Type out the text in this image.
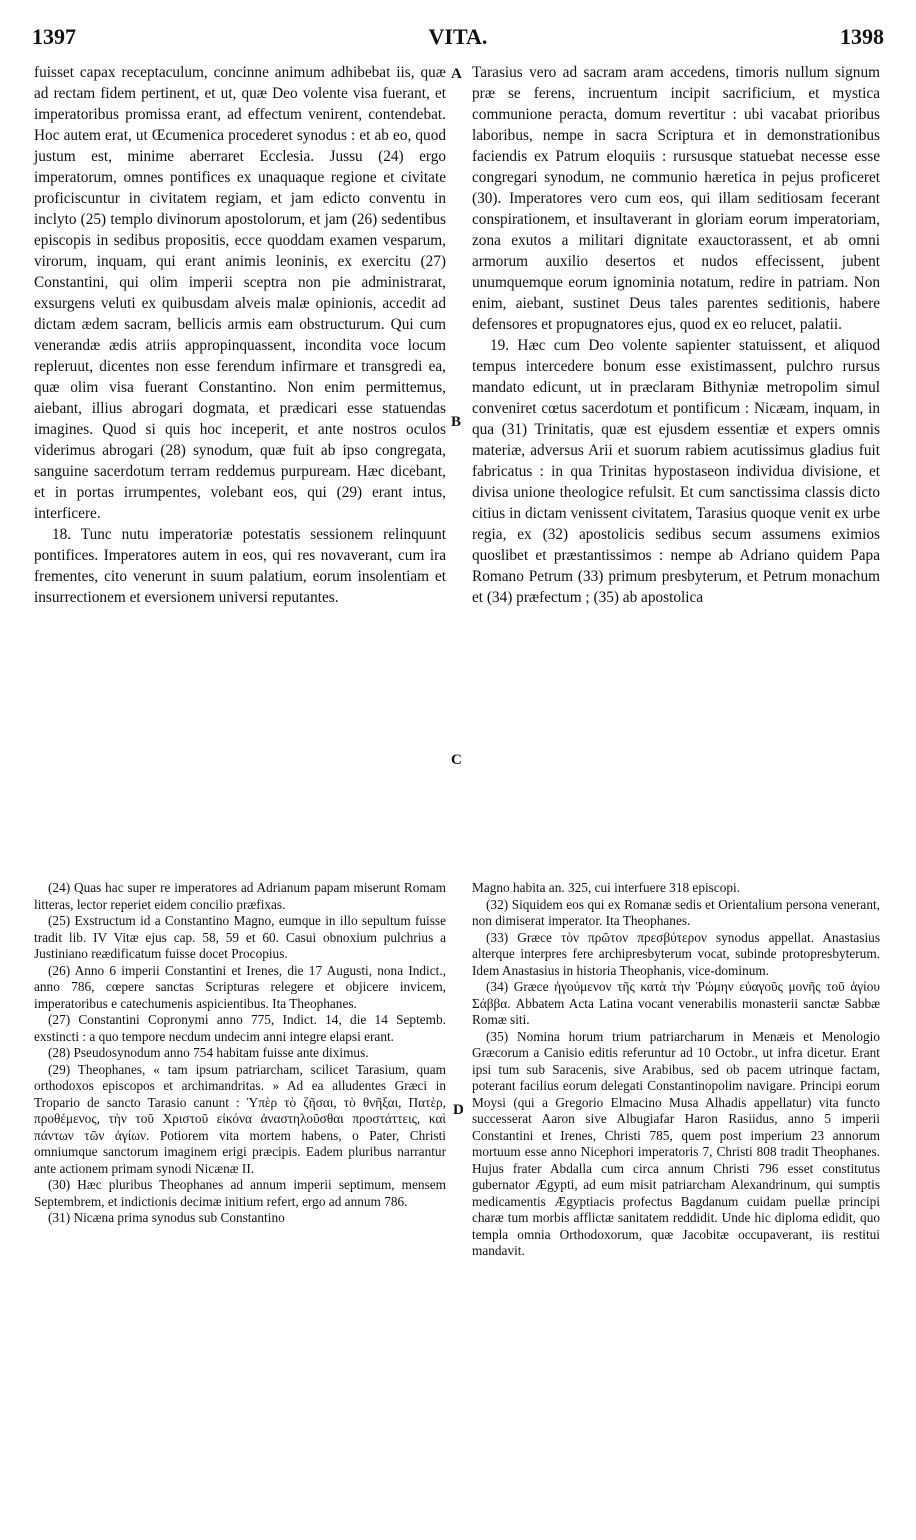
1397	VITA.	1398
A
B
C
D

fuisset capax receptaculum, concinne animum adhibebat iis, quæ ad rectam fidem pertinent, et ut, quæ Deo volente visa fuerant, et imperatoribus promissa erant, ad effectum venirent, contendebat. Hoc autem erat, ut Œcumenica procederet synodus : et ab eo, quod justum est, minime aberraret Ecclesia. Jussu (24) ergo imperatorum, omnes pontifices ex unaquaque regione et civitate proficiscuntur in civitatem regiam, et jam edicto conventu in inclyto (25) templo divinorum apostolorum, et jam (26) sedentibus episcopis in sedibus propositis, ecce quoddam examen vesparum, virorum, inquam, qui erant animis leoninis, ex exercitu (27) Constantini, qui olim imperii sceptra non pie administrarat, exsurgens veluti ex quibusdam alveis malæ opinionis, accedit ad dictam ædem sacram, bellicis armis eam obstructurum. Qui cum venerandæ ædis atriis appropinquassent, incondita voce locum repleruut, dicentes non esse ferendum infirmare et transgredi ea, quæ olim visa fuerant Constantino. Non enim permittemus, aiebant, illius abrogari dogmata, et prædicari esse statuendas imagines. Quod si quis hoc inceperit, et ante nostros oculos viderimus abrogari (28) synodum, quæ fuit ab ipso congregata, sanguine sacerdotum terram reddemus purpuream. Hæc dicebant, et in portas irrumpentes, volebant eos, qui (29) erant intus, interficere.

18. Tunc nutu imperatoriæ potestatis sessionem relinquunt pontifices. Imperatores autem in eos, qui res novaverant, cum ira frementes, cito venerunt in suum palatium, eorum insolentiam et insurrectionem et eversionem universi reputantes.

Tarasius vero ad sacram aram accedens, timoris nullum signum præ se ferens, incruentum incipit sacrificium, et mystica communione peracta, domum revertitur : ubi vacabat prioribus laboribus, nempe in sacra Scriptura et in demonstrationibus faciendis ex Patrum eloquiis : rursusque statuebat necesse esse congregari synodum, ne communio hæretica in pejus proficeret (30). Imperatores vero cum eos, qui illam seditiosam fecerant conspirationem, et insultaverant in gloriam eorum imperatoriam, zona exutos a militari dignitate exauctorassent, et ab omni armorum auxilio desertos et nudos effecissent, jubent unumquemque eorum ignominia notatum, redire in patriam. Non enim, aiebant, sustinet Deus tales parentes seditionis, habere defensores et propugnatores ejus, quod ex eo relucet, palatii.

19. Hæc cum Deo volente sapienter statuissent, et aliquod tempus intercedere bonum esse existimassent, pulchro rursus mandato edicunt, ut in præclaram Bithyniæ metropolim simul conveniret cœtus sacerdotum et pontificum : Nicæam, inquam, in qua (31) Trinitatis, quæ est ejusdem essentiæ et expers omnis materiæ, adversus Arii et suorum rabiem acutissimus gladius fuit fabricatus : in qua Trinitas hypostaseon individua divisione, et divisa unione theologice refulsit. Et cum sanctissima classis dicto citius in dictam venissent civitatem, Tarasius quoque venit ex urbe regia, ex (32) apostolicis sedibus secum assumens eximios quoslibet et præstantissimos : nempe ab Adriano quidem Papa Romano Petrum (33) primum presbyterum, et Petrum monachum et (34) præfectum ; (35) ab apostolica

(24) Quas hac super re imperatores ad Adrianum papam miserunt Romam litteras, lector reperiet eidem concilio præfixas.

(25) Exstructum id a Constantino Magno, eumque in illo sepultum fuisse tradit lib. IV Vitæ ejus cap. 58, 59 et 60. Casui obnoxium pulchrius a Justiniano reædificatum fuisse docet Procopius.

(26) Anno 6 imperii Constantini et Irenes, die 17 Augusti, nona Indict., anno 786, cœpere sanctas Scripturas relegere et objicere invicem, imperatoribus e catechumenis aspicientibus. Ita Theophanes.

(27) Constantini Copronymi anno 775, Indict. 14, die 14 Septemb. exstincti : a quo tempore necdum undecim anni integre elapsi erant.

(28) Pseudosynodum anno 754 habitam fuisse ante diximus.

(29) Theophanes, « tam ipsum patriarcham, scilicet Tarasium, quam orthodoxos episcopos et archimandritas. » Ad ea alludentes Græci in Tropario de sancto Tarasio canunt : Ὑπὲρ τὸ ζῆσαι, τὸ θνῆξαι, Πατὲρ, προθέμενος, τὴν τοῦ Χριστοῦ εἰκόνα ἀναστηλοῦσθαι προστάττεις, καὶ πάντων τῶν ἁγίων. Potiorem vita mortem habens, o Pater, Christi omniumque sanctorum imaginem erigi præcipis. Eadem pluribus narrantur ante actionem primam synodi Nicænæ II.

(30) Hæc pluribus Theophanes ad annum imperii septimum, mensem Septembrem, et indictionis decimæ initium refert, ergo ad annum 786.

(31) Nicæna prima synodus sub Constantino

Magno habita an. 325, cui interfuere 318 episcopi.

(32) Siquidem eos qui ex Romanæ sedis et Orientalium persona venerant, non dimiserat imperator. Ita Theophanes.

(33) Græce τὸν πρῶτον πρεσβύτερον synodus appellat. Anastasius alterque interpres fere archipresbyterum vocat, subinde protopresbyterum. Idem Anastasius in historia Theophanis, vice-dominum.

(34) Græce ἡγούμενον τῆς κατὰ τὴν Ῥώμην εὐαγοῦς μονῆς τοῦ ἁγίου Σάββα. Abbatem Acta Latina vocant venerabilis monasterii sanctæ Sabbæ Romæ siti.

(35) Nomina horum trium patriarcharum in Menæis et Menologio Græcorum a Canisio editis referuntur ad 10 Octobr., ut infra dicetur. Erant ipsi tum sub Saracenis, sive Arabibus, sed ob pacem utrinque factam, poterant facilius eorum delegati Constantinopolim navigare. Principi eorum Moysi (qui a Gregorio Elmacino Musa Alhadis appellatur) vita functo successerat Aaron sive Albugiafar Haron Rasiidus, anno 5 imperii Constantini et Irenes, Christi 785, quem post imperium 23 annorum mortuum esse anno Nicephori imperatoris 7, Christi 808 tradit Theophanes. Hujus frater Abdalla cum circa annum Christi 796 esset constitutus gubernator Ægypti, ad eum misit patriarcham Alexandrinum, qui sumptis medicamentis Ægyptiacis profectus Bagdanum cuidam puellæ principi charæ tum morbis afflictæ sanitatem reddidit. Unde hic diploma edidit, quo templa omnia Orthodoxorum, quæ Jacobitæ occupaverant, iis restitui mandavit.
